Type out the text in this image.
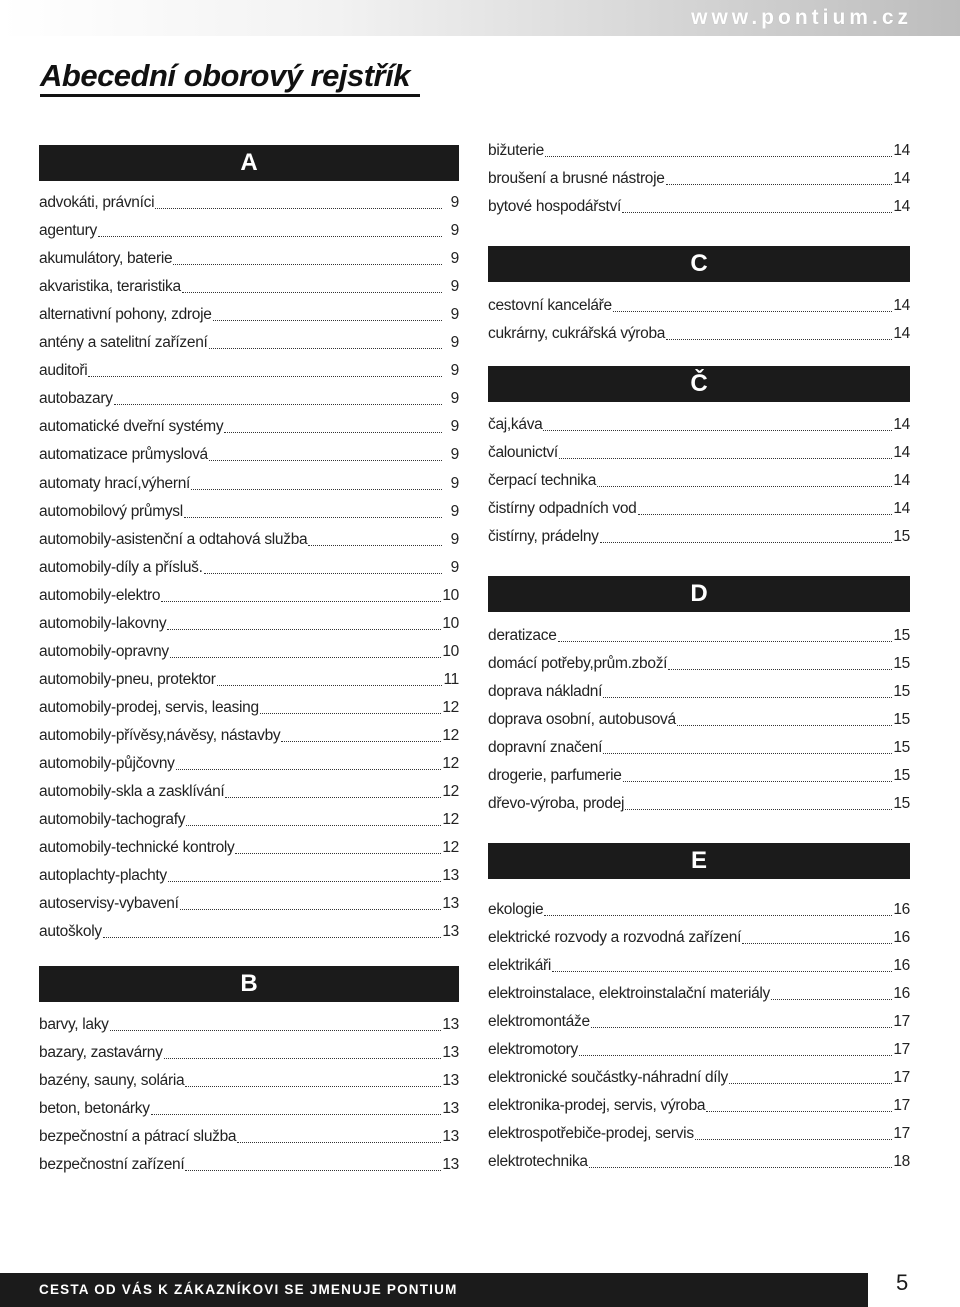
www.pontium.cz
Abecední oborový rejstřík
A
advokáti, právníci	9
agentury	9
akumulátory, baterie	9
akvaristika, teraristika	9
alternativní pohony, zdroje	9
antény a satelitní zařízení	9
auditoři	9
autobazary	9
automatické dveřní systémy	9
automatizace průmyslová	9
automaty hrací,výherní	9
automobilový průmysl	9
automobily-asistenční a odtahová služba	9
automobily-díly a přísluš.	9
automobily-elektro	10
automobily-lakovny	10
automobily-opravny	10
automobily-pneu, protektor	11
automobily-prodej, servis, leasing	12
automobily-přívěsy,návěsy, nástavby	12
automobily-půjčovny	12
automobily-skla a zasklívání	12
automobily-tachografy	12
automobily-technické kontroly	12
autoplachty-plachty	13
autoservisy-vybavení	13
autoškoly	13
B
barvy, laky	13
bazary, zastavárny	13
bazény, sauny, solária	13
beton, betonárky	13
bezpečnostní a pátrací služba	13
bezpečnostní zařízení	13
bižuterie	14
broušení a brusné nástroje	14
bytové hospodářství	14
C
cestovní kanceláře	14
cukrárny, cukrářská výroba	14
Č
čaj,káva	14
čalounictví	14
čerpací technika	14
čistírny odpadních vod	14
čistírny, prádelny	15
D
deratizace	15
domácí potřeby,prům.zboží	15
doprava nákladní	15
doprava osobní, autobusová	15
dopravní značení	15
drogerie, parfumerie	15
dřevo-výroba, prodej	15
E
ekologie	16
elektrické rozvody a rozvodná zařízení	16
elektrikáři	16
elektroinstalace, elektroinstalační materiály	16
elektromontáže	17
elektromotory	17
elektronické součástky-náhradní díly	17
elektronika-prodej, servis, výroba	17
elektrospotřebiče-prodej, servis	17
elektrotechnika	18
CESTA OD VÁS K ZÁKAZNÍKOVI SE JMENUJE PONTIUM	5
